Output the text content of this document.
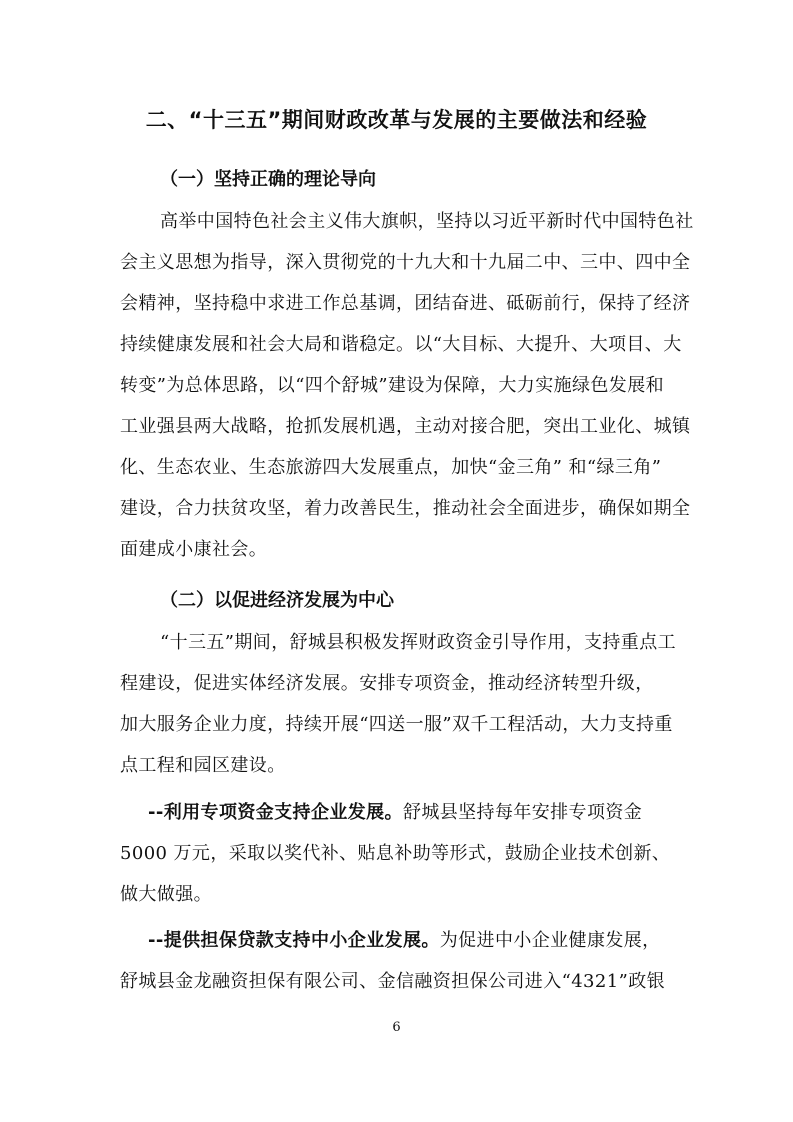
二、“十三五”期间财政改革与发展的主要做法和经验
（一）坚持正确的理论导向
高举中国特色社会主义伟大旗帜，坚持以习近平新时代中国特色社
会主义思想为指导，深入贯彻党的十九大和十九届二中、三中、四中全
会精神，坚持稳中求进工作总基调，团结奋进、砥砺前行，保持了经济
持续健康发展和社会大局和谐稳定。以“大目标、大提升、大项目、大
转变”为总体思路，以“四个舒城”建设为保障，大力实施绿色发展和
工业强县两大战略，抢抓发展机遇，主动对接合肥，突出工业化、城镇
化、生态农业、生态旅游四大发展重点，加快“金三角” 和“绿三角”
建设，合力扶贫攻坚，着力改善民生，推动社会全面进步，确保如期全
面建成小康社会。
（二）以促进经济发展为中心
“十三五”期间，舒城县积极发挥财政资金引导作用，支持重点工
程建设，促进实体经济发展。安排专项资金，推动经济转型升级，
加大服务企业力度，持续开展“四送一服”双千工程活动，大力支持重
点工程和园区建设。
--利用专项资金支持企业发展。舒城县坚持每年安排专项资金
5000 万元，采取以奖代补、贴息补助等形式，鼓励企业技术创新、
做大做强。
--提供担保贷款支持中小企业发展。为促进中小企业健康发展，
舒城县金龙融资担保有限公司、金信融资担保公司进入“4321”政银
6
